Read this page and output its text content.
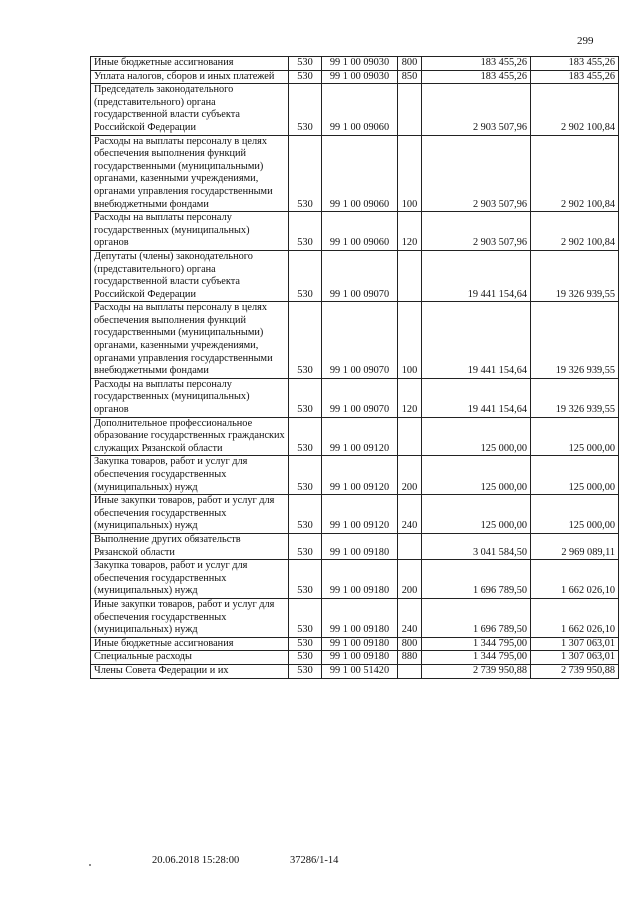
299
Иные бюджетные ассигнования	530	99 1 00 09030	800	183 455,26	183 455,26
Уплата налогов, сборов и иных платежей	530	99 1 00 09030	850	183 455,26	183 455,26
Председатель законодательного (представительного) органа государственной власти субъекта Российской Федерации	530	99 1 00 09060		2 903 507,96	2 902 100,84
Расходы на выплаты персоналу в целях обеспечения выполнения функций государственными (муниципальными) органами, казенными учреждениями, органами управления государственными внебюджетными фондами	530	99 1 00 09060	100	2 903 507,96	2 902 100,84
Расходы на выплаты персоналу государственных (муниципальных) органов	530	99 1 00 09060	120	2 903 507,96	2 902 100,84
Депутаты (члены) законодательного (представительного) органа государственной власти субъекта Российской Федерации	530	99 1 00 09070		19 441 154,64	19 326 939,55
Расходы на выплаты персоналу в целях обеспечения выполнения функций государственными (муниципальными) органами, казенными учреждениями, органами управления государственными внебюджетными фондами	530	99 1 00 09070	100	19 441 154,64	19 326 939,55
Расходы на выплаты персоналу государственных (муниципальных) органов	530	99 1 00 09070	120	19 441 154,64	19 326 939,55
Дополнительное профессиональное образование государственных гражданских служащих Рязанской области	530	99 1 00 09120		125 000,00	125 000,00
Закупка товаров, работ и услуг для обеспечения государственных (муниципальных) нужд	530	99 1 00 09120	200	125 000,00	125 000,00
Иные закупки товаров, работ и услуг для обеспечения государственных (муниципальных) нужд	530	99 1 00 09120	240	125 000,00	125 000,00
Выполнение других обязательств Рязанской области	530	99 1 00 09180		3 041 584,50	2 969 089,11
Закупка товаров, работ и услуг для обеспечения государственных (муниципальных) нужд	530	99 1 00 09180	200	1 696 789,50	1 662 026,10
Иные закупки товаров, работ и услуг для обеспечения государственных (муниципальных) нужд	530	99 1 00 09180	240	1 696 789,50	1 662 026,10
Иные бюджетные ассигнования	530	99 1 00 09180	800	1 344 795,00	1 307 063,01
Специальные расходы	530	99 1 00 09180	880	1 344 795,00	1 307 063,01
Члены Совета Федерации и их	530	99 1 00 51420		2 739 950,88	2 739 950,88
20.06.2018 15:28:00	37286/1-14
